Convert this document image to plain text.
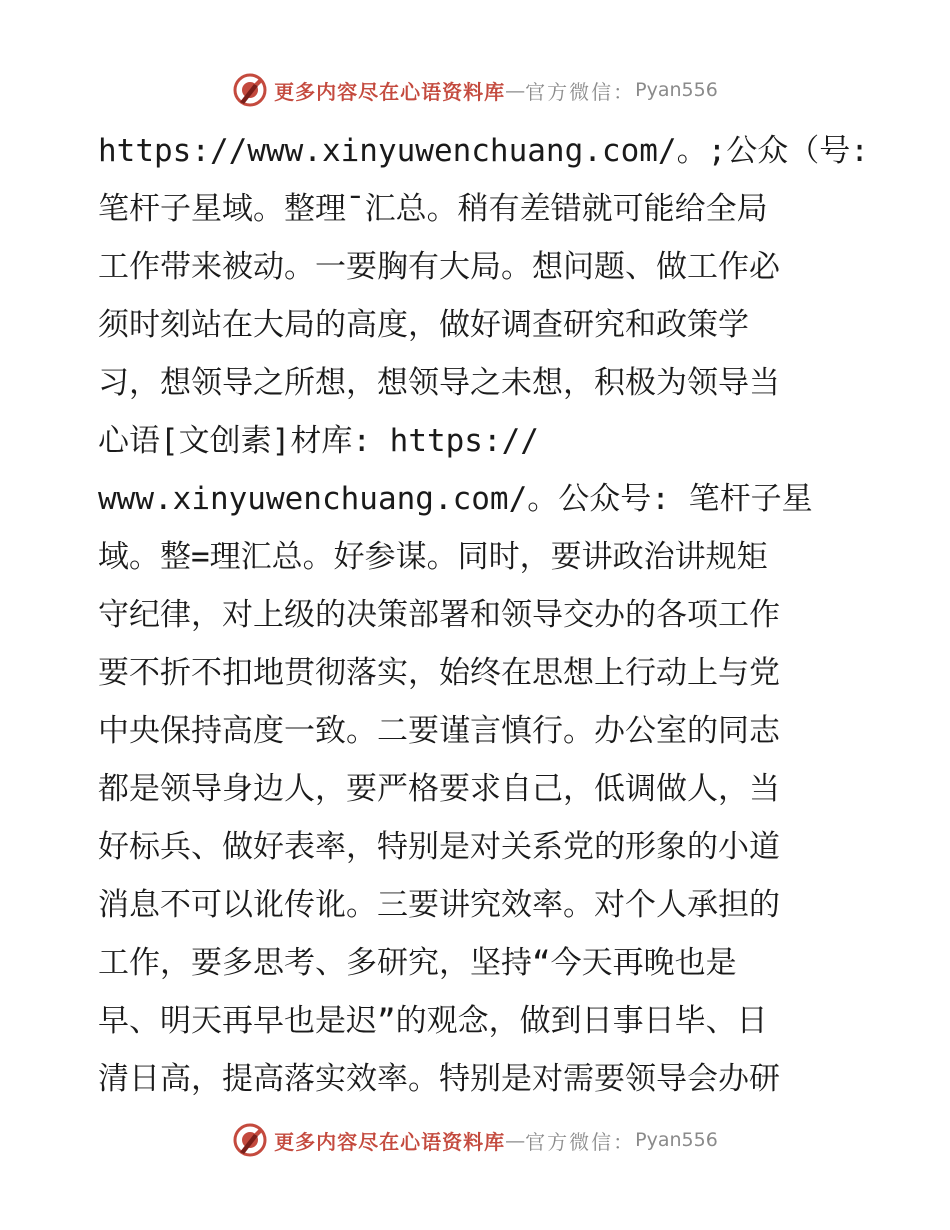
更多内容尽在心语资料库 — 官方微信： Pyan556
https://www.xinyuwenchuang.com/。;公众（号:
笔杆子星域。整理¯汇总。稍有差错就可能给全局
工作带来被动。一要胸有大局。想问题、做工作必
须时刻站在大局的高度，做好调查研究和政策学
习，想领导之所想，想领导之未想，积极为领导当
心语[文创素]材库: https://
www.xinyuwenchuang.com/。公众号: 笔杆子星
域。整=理汇总。好参谋。同时，要讲政治讲规矩
守纪律，对上级的决策部署和领导交办的各项工作
要不折不扣地贯彻落实，始终在思想上行动上与党
中央保持高度一致。二要谨言慎行。办公室的同志
都是领导身边人，要严格要求自己，低调做人，当
好标兵、做好表率，特别是对关系党的形象的小道
消息不可以讹传讹。三要讲究效率。对个人承担的
工作，要多思考、多研究，坚持“今天再晚也是
早、明天再早也是迟”的观念，做到日事日毕、日
清日高，提高落实效率。特别是对需要领导会办研
更多内容尽在心语资料库 — 官方微信： Pyan556
